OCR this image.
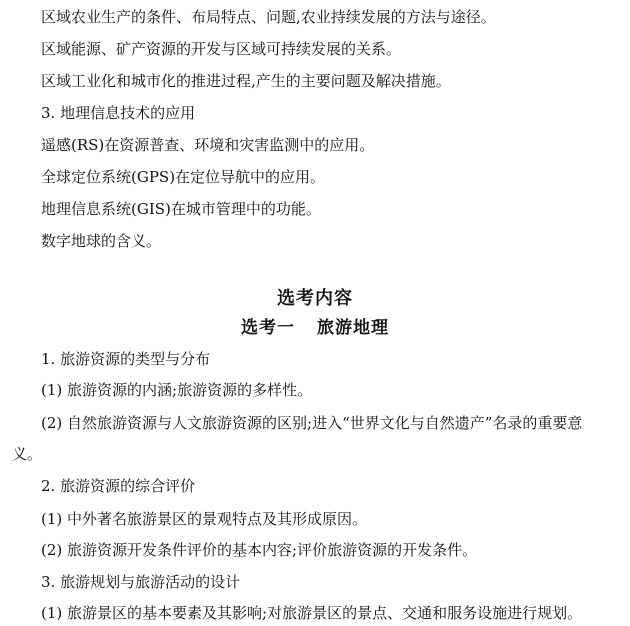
区域农业生产的条件、布局特点、问题,农业持续发展的方法与途径。
区域能源、矿产资源的开发与区域可持续发展的关系。
区域工业化和城市化的推进过程,产生的主要问题及解决措施。
3. 地理信息技术的应用
遥感(RS)在资源普查、环境和灾害监测中的应用。
全球定位系统(GPS)在定位导航中的应用。
地理信息系统(GIS)在城市管理中的功能。
数字地球的含义。
选考内容
选考一 旅游地理
1. 旅游资源的类型与分布
(1) 旅游资源的内涵;旅游资源的多样性。
(2) 自然旅游资源与人文旅游资源的区别;进入“世界文化与自然遗产”名录的重要意
义。
2. 旅游资源的综合评价
(1) 中外著名旅游景区的景观特点及其形成原因。
(2) 旅游资源开发条件评价的基本内容;评价旅游资源的开发条件。
3. 旅游规划与旅游活动的设计
(1) 旅游景区的基本要素及其影响;对旅游景区的景点、交通和服务设施进行规划。
